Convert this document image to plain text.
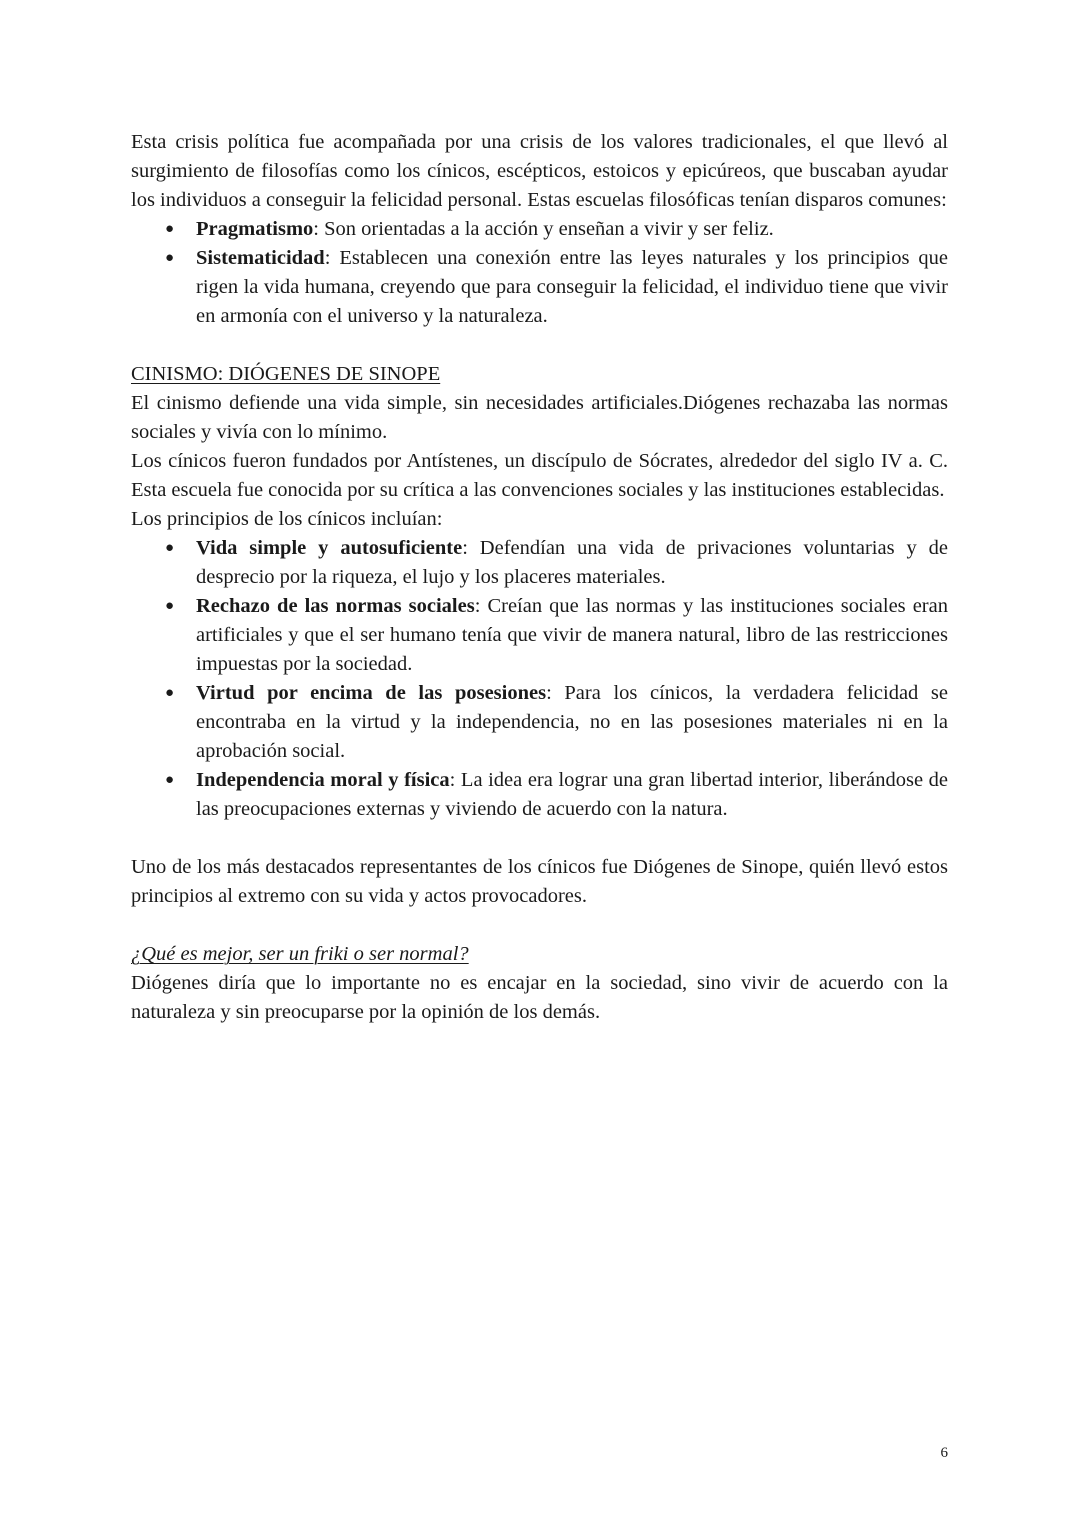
Esta crisis política fue acompañada por una crisis de los valores tradicionales, el que llevó al surgimiento de filosofías como los cínicos, escépticos, estoicos y epicúreos, que buscaban ayudar los individuos a conseguir la felicidad personal. Estas escuelas filosóficas tenían disparos comunes:

● Pragmatismo: Son orientadas a la acción y enseñan a vivir y ser feliz.
● Sistematicidad: Establecen una conexión entre las leyes naturales y los principios que rigen la vida humana, creyendo que para conseguir la felicidad, el individuo tiene que vivir en armonía con el universo y la naturaleza.

CINISMO: DIÓGENES DE SINOPE

El cinismo defiende una vida simple, sin necesidades artificiales.Diógenes rechazaba las normas sociales y vivía con lo mínimo.

Los cínicos fueron fundados por Antístenes, un discípulo de Sócrates, alrededor del siglo IV a. C. Esta escuela fue conocida por su crítica a las convenciones sociales y las instituciones establecidas.

Los principios de los cínicos incluían:

● Vida simple y autosuficiente: Defendían una vida de privaciones voluntarias y de desprecio por la riqueza, el lujo y los placeres materiales.
● Rechazo de las normas sociales: Creían que las normas y las instituciones sociales eran artificiales y que el ser humano tenía que vivir de manera natural, libro de las restricciones impuestas por la sociedad.
● Virtud por encima de las posesiones: Para los cínicos, la verdadera felicidad se encontraba en la virtud y la independencia, no en las posesiones materiales ni en la aprobación social.
● Independencia moral y física: La idea era lograr una gran libertad interior, liberándose de las preocupaciones externas y viviendo de acuerdo con la natura.

Uno de los más destacados representantes de los cínicos fue Diógenes de Sinope, quién llevó estos principios al extremo con su vida y actos provocadores.

¿Qué es mejor, ser un friki o ser normal?

Diógenes diría que lo importante no es encajar en la sociedad, sino vivir de acuerdo con la naturaleza y sin preocuparse por la opinión de los demás.

6
